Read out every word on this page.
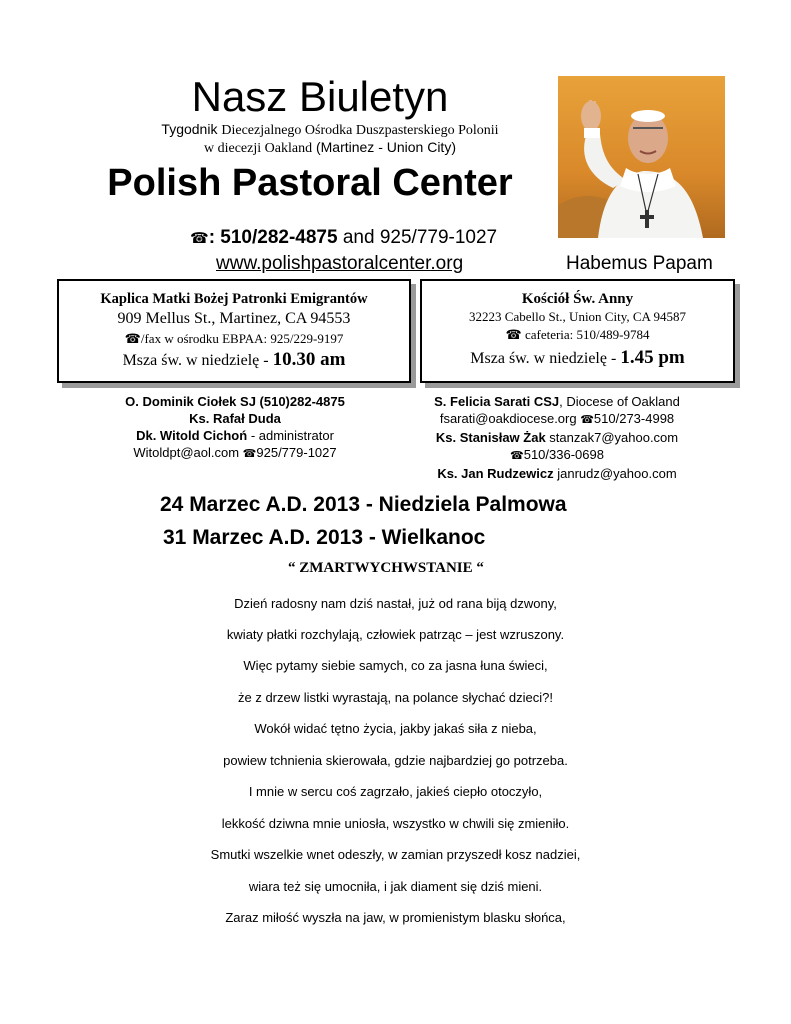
Nasz Biuletyn
Tygodnik Diecezjalnego Ośrodka Duszpasterskiego Polonii
w diecezji Oakland (Martinez - Union City)
Polish Pastoral Center
☎: 510/282-4875 and 925/779-1027
www.polishpastoralcenter.org	Habemus Papam
Kaplica Matki Bożej Patronki Emigrantów
909 Mellus St., Martinez, CA 94553
☎/fax w ośrodku EBPAA: 925/229-9197
Msza św. w niedzielę - 10.30 am
Kościół Św. Anny
32223 Cabello St., Union City, CA 94587
☎ cafeteria: 510/489-9784
Msza św. w niedzielę - 1.45 pm
O. Dominik Ciołek SJ (510)282-4875
Ks. Rafał Duda
Dk. Witold Cichoń - administrator
Witoldpt@aol.com ☎925/779-1027
S. Felicia Sarati CSJ, Diocese of Oakland
fsarati@oakdiocese.org ☎510/273-4998
Ks. Stanisław Żak stanzak7@yahoo.com
☎510/336-0698
Ks. Jan Rudzewicz janrudz@yahoo.com
24 Marzec A.D. 2013 - Niedziela Palmowa
31 Marzec A.D. 2013 - Wielkanoc
“ ZMARTWYCHWSTANIE “
Dzień radosny nam dziś nastał, już od rana biją dzwony,
kwiaty płatki rozchylają, człowiek patrząc – jest wzruszony.
Więc pytamy siebie samych, co za jasna łuna świeci,
że z drzew listki wyrastają, na polance słychać dzieci?!
Wokół widać tętno życia, jakby jakaś siła z nieba,
powiew tchnienia skierowała, gdzie najbardziej go potrzeba.
I mnie w sercu coś zagrzało, jakieś ciepło otoczyło,
lekkość dziwna mnie uniosła, wszystko w chwili się zmieniło.
Smutki wszelkie wnet odeszły, w zamian przyszedł kosz nadziei,
wiara też się umocniła, i jak diament się dziś mieni.
Zaraz miłość wyszła na jaw, w promienistym blasku słońca,
